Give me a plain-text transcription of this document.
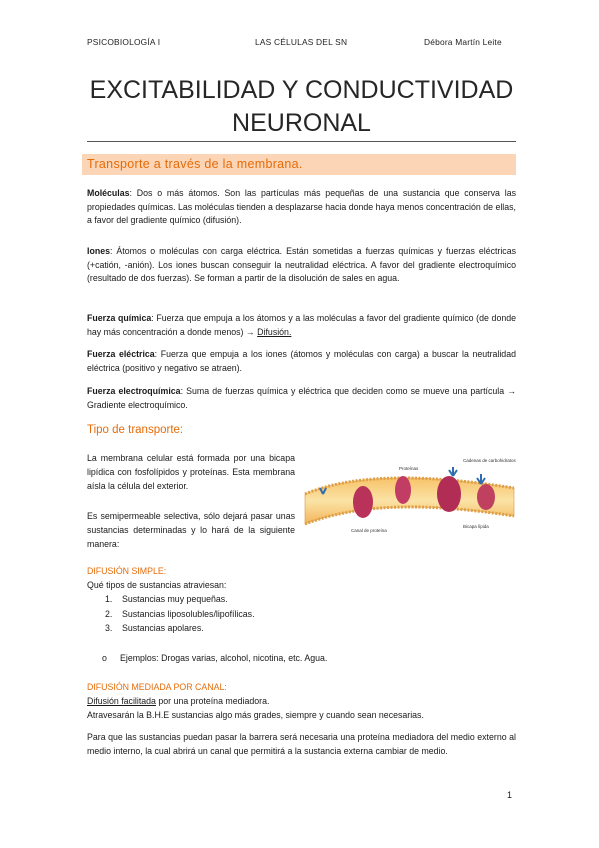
PSICOBIOLOGÍA I	LAS CÉLULAS DEL SN	Débora Martín Leite
EXCITABILIDAD Y CONDUCTIVIDAD
NEURONAL
Transporte a través de la membrana.
Moléculas: Dos o más átomos. Son las partículas más pequeñas de una sustancia que conserva las propiedades químicas. Las moléculas tienden a desplazarse hacia donde haya menos concentración de ellas, a favor del gradiente químico (difusión).
Iones: Átomos o moléculas con carga eléctrica. Están sometidas a fuerzas químicas y fuerzas eléctricas (+catión, -anión). Los iones buscan conseguir la neutralidad eléctrica. A favor del gradiente electroquímico (resultado de dos fuerzas). Se forman a partir de la disolución de sales en agua.
Fuerza química: Fuerza que empuja a los átomos y a las moléculas a favor del gradiente químico (de donde hay más concentración a donde menos) → Difusión.
Fuerza eléctrica: Fuerza que empuja a los iones (átomos y moléculas con carga) a buscar la neutralidad eléctrica (positivo y negativo se atraen).
Fuerza electroquímica: Suma de fuerzas química y eléctrica que deciden como se mueve una partícula → Gradiente electroquímico.
Tipo de transporte:
La membrana celular está formada por una bicapa lipídica con fosfolípidos y proteínas. Esta membrana aísla la célula del exterior.
Es semipermeable selectiva, sólo dejará pasar unas sustancias determinadas y lo hará de la siguiente manera:
Proteínas
Cadenas de carbohidratos
Canal de proteína
Bicapa lípida
DIFUSIÓN SIMPLE:
Qué tipos de sustancias atraviesan:
1. Sustancias muy pequeñas.
2. Sustancias liposolubles/lipofílicas.
3. Sustancias apolares.
o Ejemplos: Drogas varias, alcohol, nicotina, etc. Agua.
DIFUSIÓN MEDIADA POR CANAL:
Difusión facilitada por una proteína mediadora.
Atravesarán la B.H.E sustancias algo más grades, siempre y cuando sean necesarias.
Para que las sustancias puedan pasar la barrera será necesaria una proteína mediadora del medio externo al medio interno, la cual abrirá un canal que permitirá a la sustancia externa cambiar de medio.
1
